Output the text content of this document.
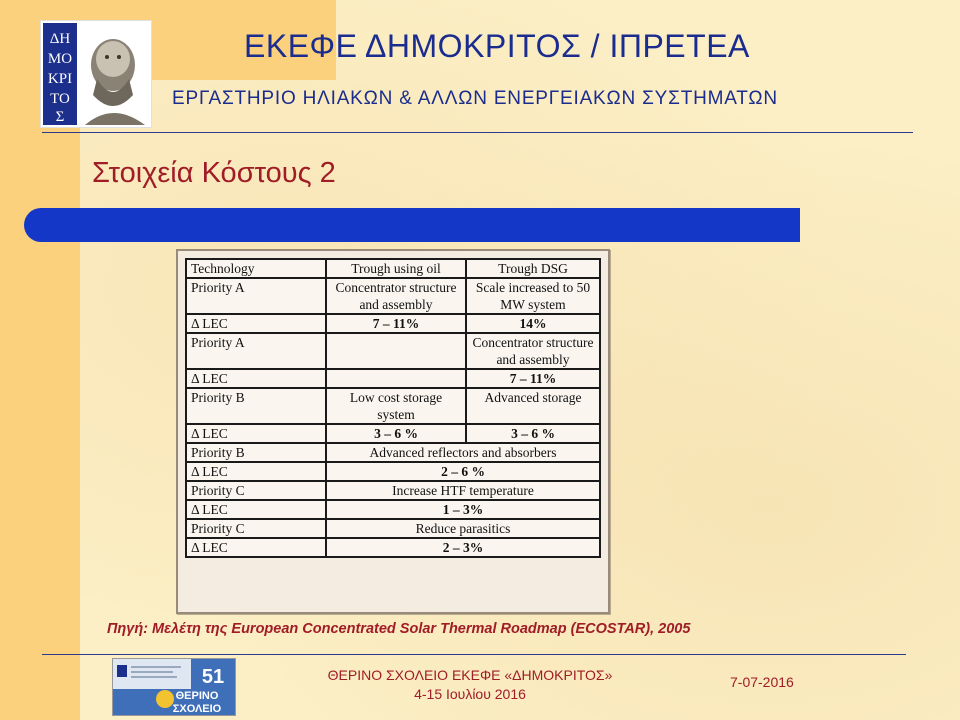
ΔΗ
ΜΟ
ΚΡΙ
ΤΟ
Σ
ΕΚΕΦΕ ΔΗΜΟΚΡΙΤΟΣ / ΙΠΡΕΤΕΑ
ΕΡΓΑΣΤΗΡΙΟ ΗΛΙΑΚΩΝ & ΑΛΛΩΝ ΕΝΕΡΓΕΙΑΚΩΝ ΣΥΣΤΗΜΑΤΩΝ
Στοιχεία Κόστους 2
Technology	Trough using oil	Trough DSG
Priority A	Concentrator structure and assembly	Scale increased to 50 MW system
Δ LEC	7 – 11%	14%
Priority A		Concentrator structure and assembly
Δ LEC		7 – 11%
Priority B	Low cost storage system	Advanced storage
Δ LEC	3 – 6 %	3 – 6 %
Priority B	Advanced reflectors and absorbers	
Δ LEC	2 – 6 %	
Priority C	Increase HTF temperature	
Δ LEC	1 – 3%	
Priority C	Reduce parasitics	
Δ LEC	2 – 3%	
Πηγή: Μελέτη της European Concentrated Solar Thermal Roadmap (ECOSTAR), 2005
51
ΘΕΡΙΝΟ
ΣΧΟΛΕΙΟ
ΘΕΡΙΝΟ ΣΧΟΛΕΙΟ ΕΚΕΦΕ «ΔΗΜΟΚΡΙΤΟΣ»
4-15 Ιουλίου 2016
7-07-2016
